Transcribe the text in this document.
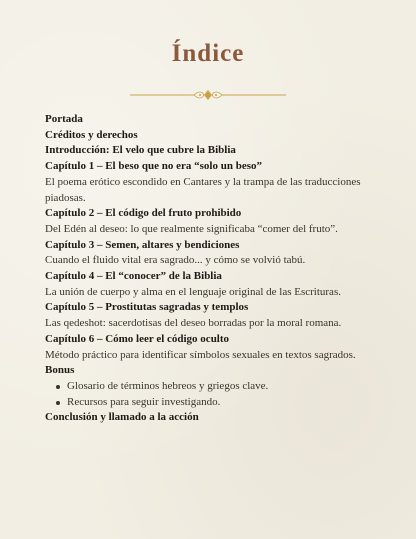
Índice
Portada
Créditos y derechos
Introducción: El velo que cubre la Biblia
Capítulo 1 – El beso que no era “solo un beso”
El poema erótico escondido en Cantares y la trampa de las traducciones piadosas.
Capítulo 2 – El código del fruto prohibido
Del Edén al deseo: lo que realmente significaba “comer del fruto”.
Capítulo 3 – Semen, altares y bendiciones
Cuando el fluido vital era sagrado... y cómo se volvió tabú.
Capítulo 4 – El “conocer” de la Biblia
La unión de cuerpo y alma en el lenguaje original de las Escrituras.
Capítulo 5 – Prostitutas sagradas y templos
Las qedeshot: sacerdotisas del deseo borradas por la moral romana.
Capítulo 6 – Cómo leer el código oculto
Método práctico para identificar símbolos sexuales en textos sagrados.
Bonus
Glosario de términos hebreos y griegos clave.
Recursos para seguir investigando.
Conclusión y llamado a la acción
